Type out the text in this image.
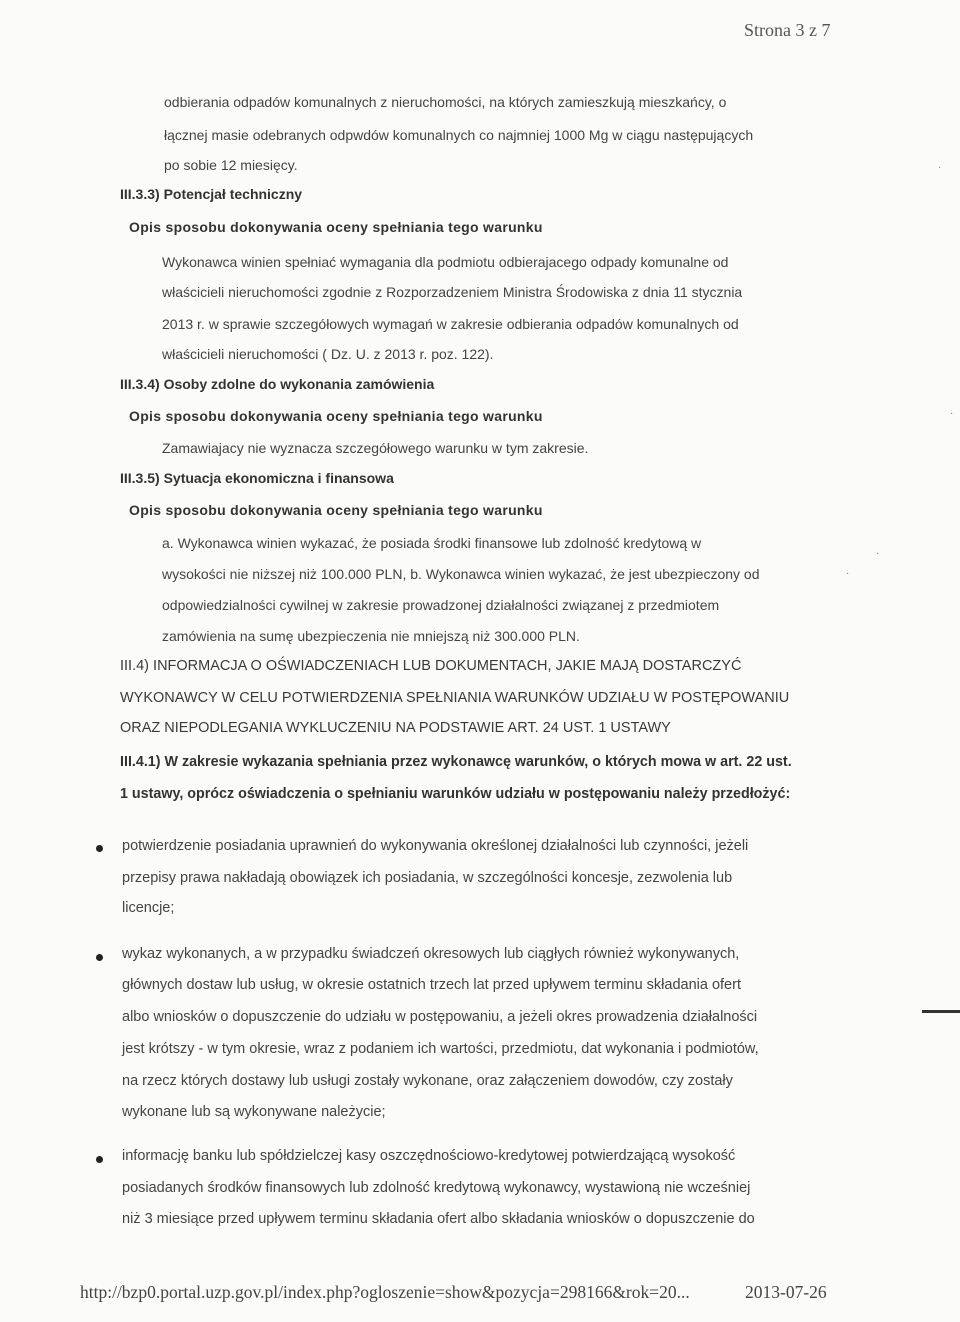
Strona 3 z 7
odbierania odpadów komunalnych z nieruchomości, na których zamieszkują mieszkańcy, o
łącznej masie odebranych odpwdów komunalnych co najmniej 1000 Mg w ciągu następujących
po sobie 12 miesięcy.
III.3.3) Potencjał techniczny
Opis sposobu dokonywania oceny spełniania tego warunku
Wykonawca winien spełniać wymagania dla podmiotu odbierajacego odpady komunalne od
właścicieli nieruchomości zgodnie z Rozporzadzeniem Ministra Środowiska z dnia 11 stycznia
2013 r. w sprawie szczegółowych wymagań w zakresie odbierania odpadów komunalnych od
właścicieli nieruchomości ( Dz. U. z 2013 r. poz. 122).
III.3.4) Osoby zdolne do wykonania zamówienia
Opis sposobu dokonywania oceny spełniania tego warunku
Zamawiajacy nie wyznacza szczegółowego warunku w tym zakresie.
III.3.5) Sytuacja ekonomiczna i finansowa
Opis sposobu dokonywania oceny spełniania tego warunku
a. Wykonawca winien wykazać, że posiada środki finansowe lub zdolność kredytową w
wysokości nie niższej niż 100.000 PLN, b. Wykonawca winien wykazać, że jest ubezpieczony od
odpowiedzialności cywilnej w zakresie prowadzonej działalności związanej z przedmiotem
zamówienia na sumę ubezpieczenia nie mniejszą niż 300.000 PLN.
III.4) INFORMACJA O OŚWIADCZENIACH LUB DOKUMENTACH, JAKIE MAJĄ DOSTARCZYĆ
WYKONAWCY W CELU POTWIERDZENIA SPEŁNIANIA WARUNKÓW UDZIAŁU W POSTĘPOWANIU
ORAZ NIEPODLEGANIA WYKLUCZENIU NA PODSTAWIE ART. 24 UST. 1 USTAWY
III.4.1) W zakresie wykazania spełniania przez wykonawcę warunków, o których mowa w art. 22 ust.
1 ustawy, oprócz oświadczenia o spełnianiu warunków udziału w postępowaniu należy przedłożyć:
potwierdzenie posiadania uprawnień do wykonywania określonej działalności lub czynności, jeżeli
przepisy prawa nakładają obowiązek ich posiadania, w szczególności koncesje, zezwolenia lub
licencje;
wykaz wykonanych, a w przypadku świadczeń okresowych lub ciągłych również wykonywanych,
głównych dostaw lub usług, w okresie ostatnich trzech lat przed upływem terminu składania ofert
albo wniosków o dopuszczenie do udziału w postępowaniu, a jeżeli okres prowadzenia działalności
jest krótszy - w tym okresie, wraz z podaniem ich wartości, przedmiotu, dat wykonania i podmiotów,
na rzecz których dostawy lub usługi zostały wykonane, oraz załączeniem dowodów, czy zostały
wykonane lub są wykonywane należycie;
informację banku lub spółdzielczej kasy oszczędnościowo-kredytowej potwierdzającą wysokość
posiadanych środków finansowych lub zdolność kredytową wykonawcy, wystawioną nie wcześniej
niż 3 miesiące przed upływem terminu składania ofert albo składania wniosków o dopuszczenie do
http://bzp0.portal.uzp.gov.pl/index.php?ogloszenie=show&pozycja=298166&rok=20...	2013-07-26
·
·
·
·
